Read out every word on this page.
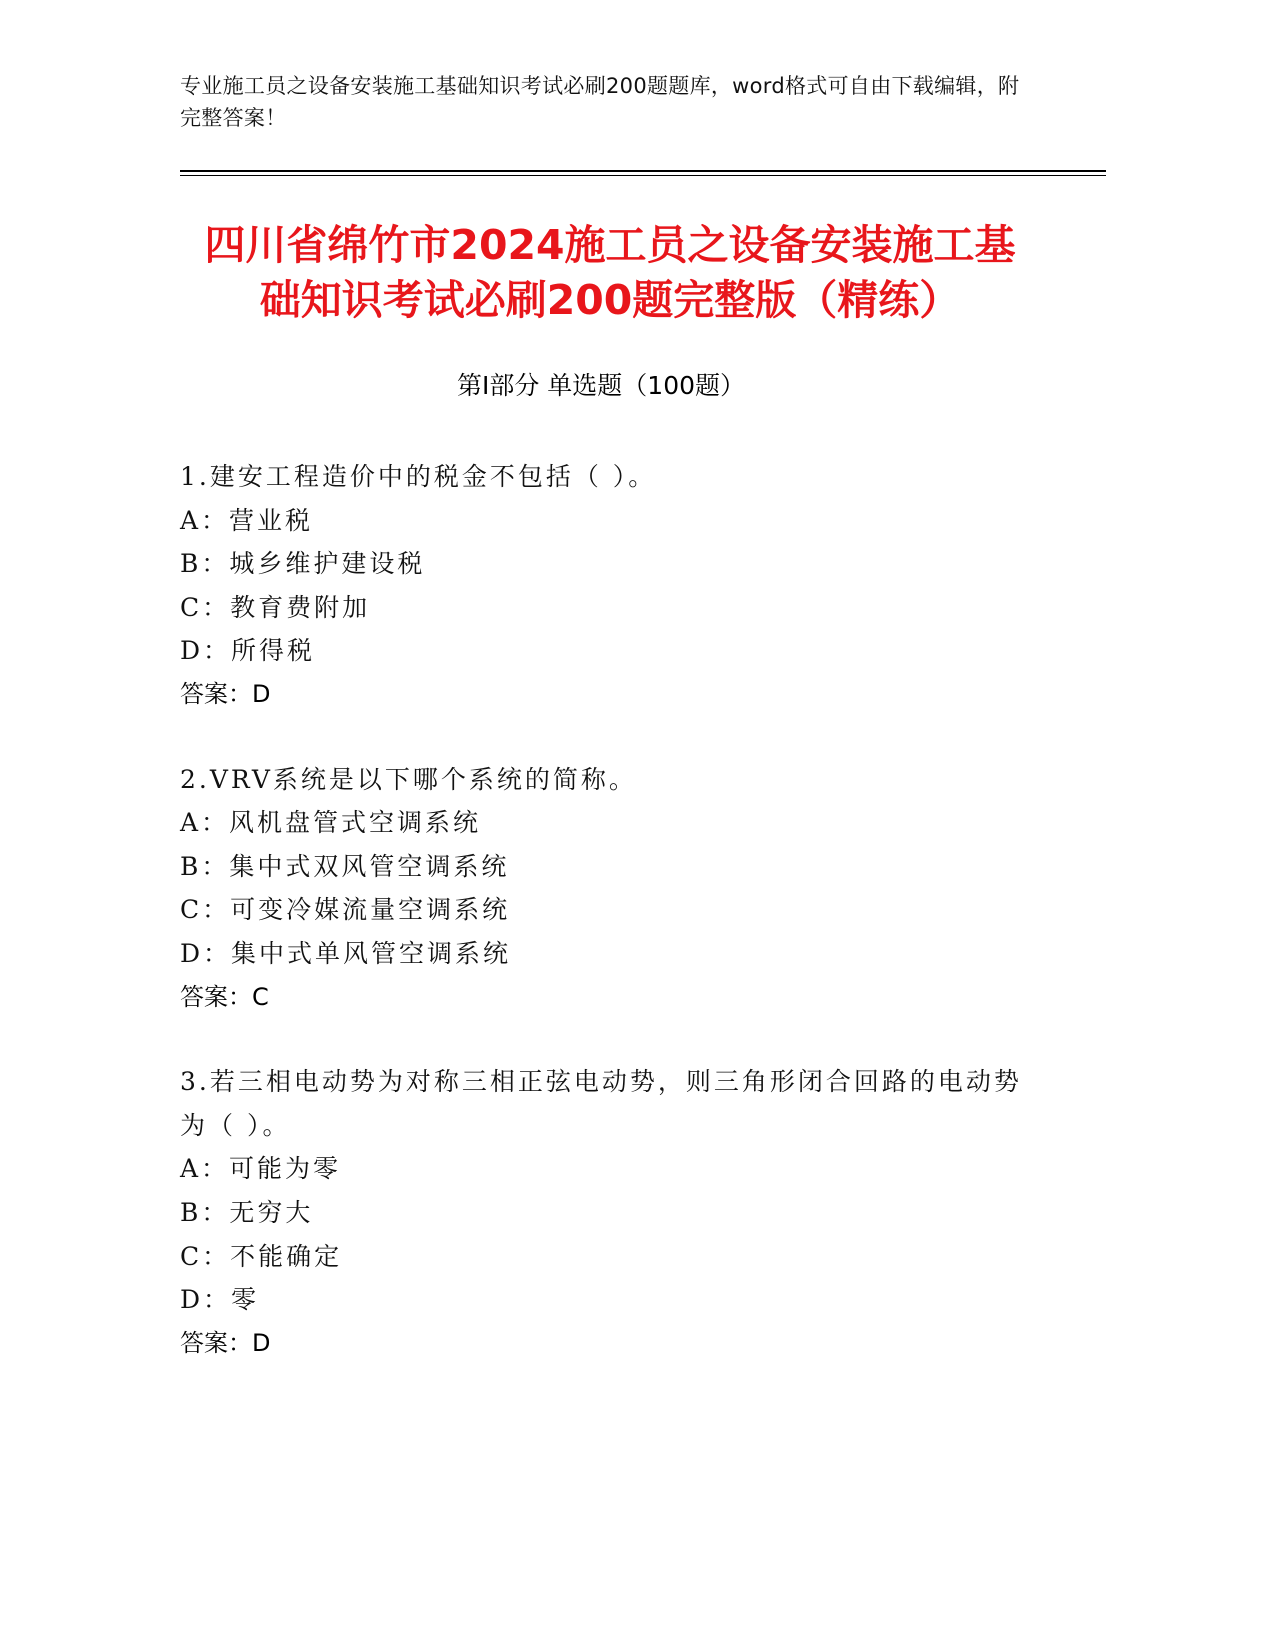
专业施工员之设备安装施工基础知识考试必刷200题题库，word格式可自由下载编辑，附完整答案！
四川省绵竹市2024施工员之设备安装施工基
础知识考试必刷200题完整版（精练）
第Ⅰ部分 单选题（100题）
1.建安工程造价中的税金不包括（ ）。
A：营业税
B：城乡维护建设税
C：教育费附加
D：所得税
答案：D
2.VRV系统是以下哪个系统的简称。
A：风机盘管式空调系统
B：集中式双风管空调系统
C：可变冷媒流量空调系统
D：集中式单风管空调系统
答案：C
3.若三相电动势为对称三相正弦电动势，则三角形闭合回路的电动势为（ ）。
A：可能为零
B：无穷大
C：不能确定
D：零
答案：D
